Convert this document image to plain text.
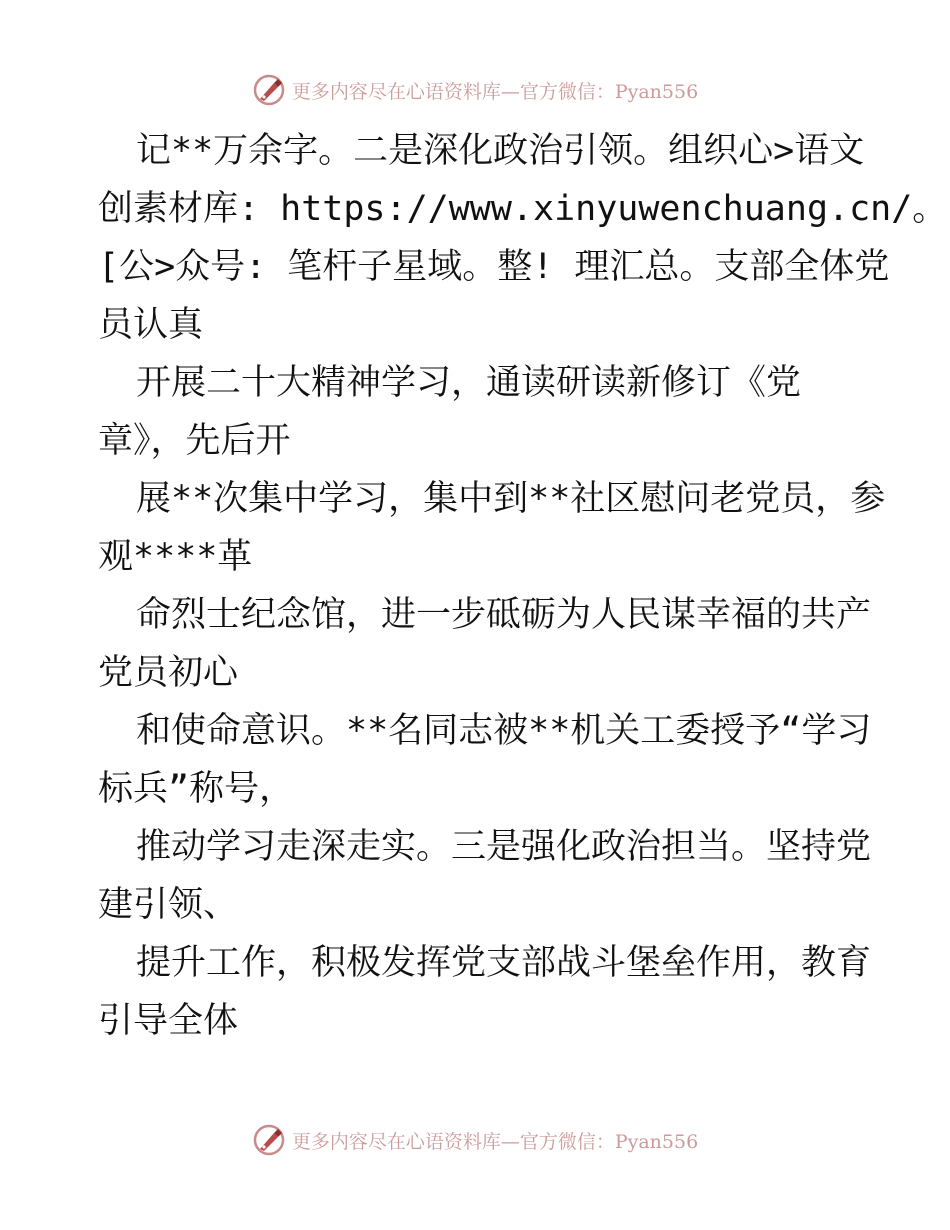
更多内容尽在心语资料库—官方微信：Pyan556
记**万余字。二是深化政治引领。组织心>语文
创素材库: https://www.xinyuwenchuang.cn/。
[公>众号: 笔杆子星域。整! 理汇总。支部全体党
员认真
开展二十大精神学习，通读研读新修订《党
章》，先后开
展**次集中学习，集中到**社区慰问老党员，参
观****革
命烈士纪念馆，进一步砥砺为人民谋幸福的共产
党员初心
和使命意识。**名同志被**机关工委授予“学习
标兵”称号，
推动学习走深走实。三是强化政治担当。坚持党
建引领、
提升工作，积极发挥党支部战斗堡垒作用，教育
引导全体
更多内容尽在心语资料库—官方微信：Pyan556
